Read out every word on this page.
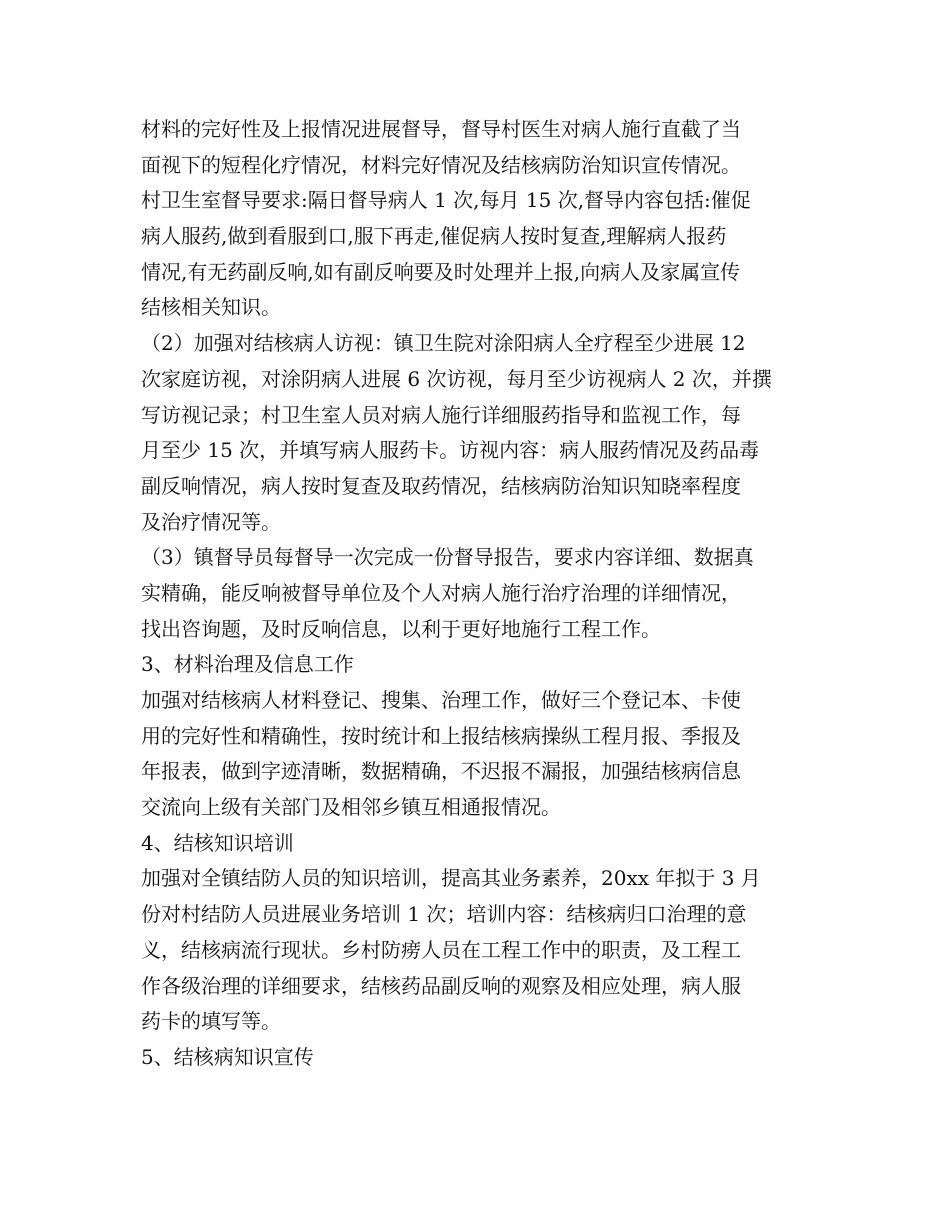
材料的完好性及上报情况进展督导，督导村医生对病人施行直截了当
面视下的短程化疗情况，材料完好情况及结核病防治知识宣传情况。
村卫生室督导要求:隔日督导病人 1 次,每月 15 次,督导内容包括:催促
病人服药,做到看服到口,服下再走,催促病人按时复查,理解病人报药
情况,有无药副反响,如有副反响要及时处理并上报,向病人及家属宣传
结核相关知识。
（2）加强对结核病人访视：镇卫生院对涂阳病人全疗程至少进展 12
次家庭访视，对涂阴病人进展 6 次访视，每月至少访视病人 2 次，并撰
写访视记录；村卫生室人员对病人施行详细服药指导和监视工作，每
月至少 15 次，并填写病人服药卡。访视内容：病人服药情况及药品毒
副反响情况，病人按时复查及取药情况，结核病防治知识知晓率程度
及治疗情况等。
（3）镇督导员每督导一次完成一份督导报告，要求内容详细、数据真
实精确，能反响被督导单位及个人对病人施行治疗治理的详细情况，
找出咨询题，及时反响信息，以利于更好地施行工程工作。
3、材料治理及信息工作
加强对结核病人材料登记、搜集、治理工作，做好三个登记本、卡使
用的完好性和精确性，按时统计和上报结核病操纵工程月报、季报及
年报表，做到字迹清晰，数据精确，不迟报不漏报，加强结核病信息
交流向上级有关部门及相邻乡镇互相通报情况。
4、结核知识培训
加强对全镇结防人员的知识培训，提高其业务素养，20xx 年拟于 3 月
份对村结防人员进展业务培训 1 次；培训内容：结核病归口治理的意
义，结核病流行现状。乡村防痨人员在工程工作中的职责，及工程工
作各级治理的详细要求，结核药品副反响的观察及相应处理，病人服
药卡的填写等。
5、结核病知识宣传
